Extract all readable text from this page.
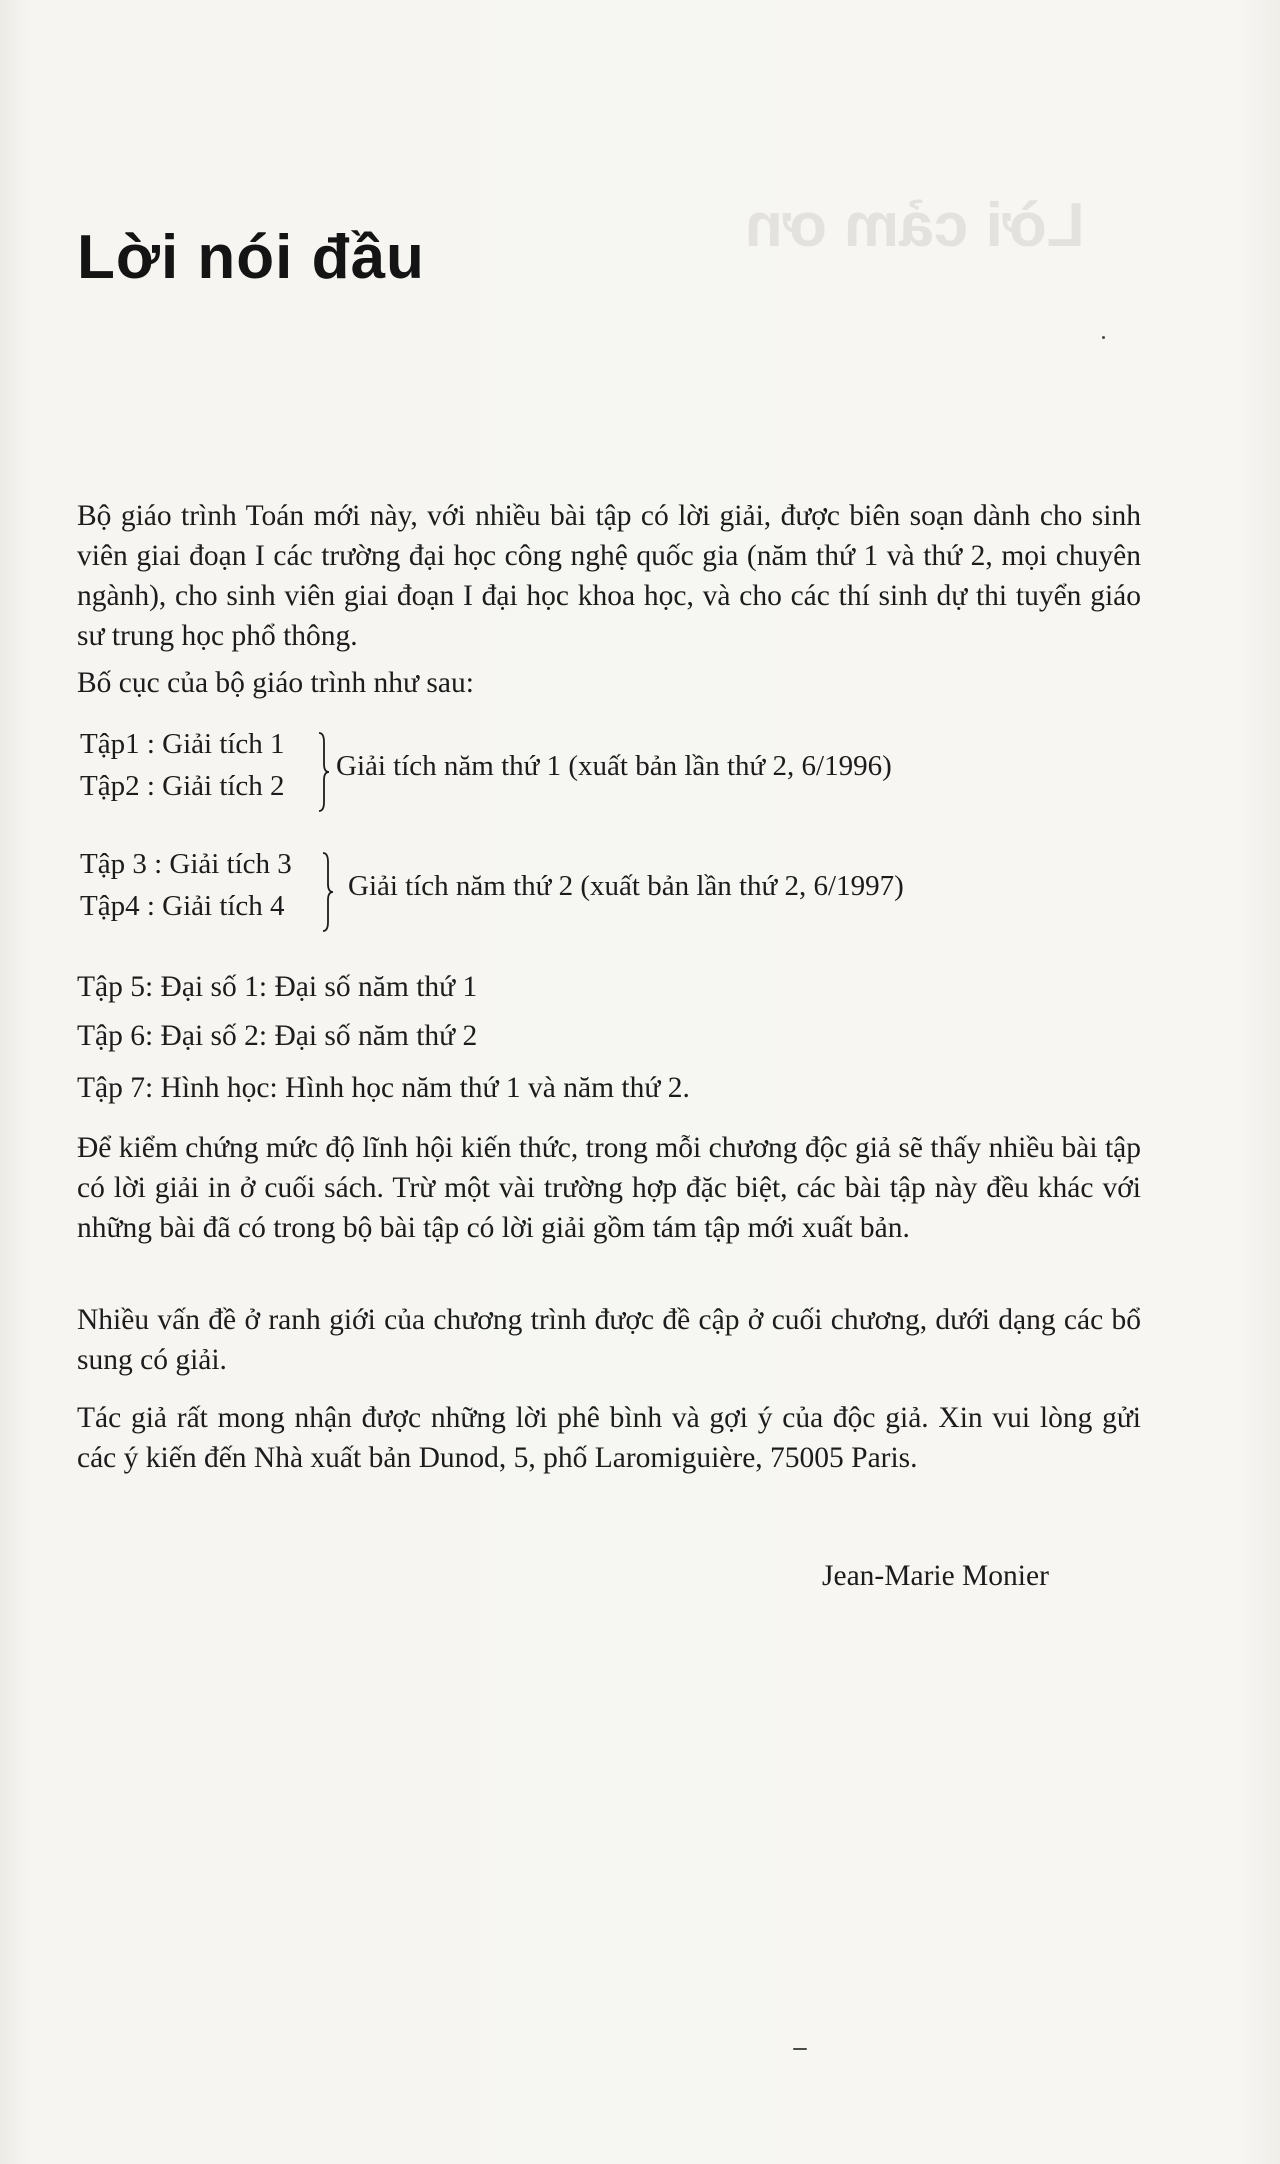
Lời cảm ơn
Lời nói đầu

Bộ giáo trình Toán mới này, với nhiều bài tập có lời giải, được biên soạn dành cho sinh viên giai đoạn I các trường đại học công nghệ quốc gia (năm thứ 1 và thứ 2, mọi chuyên ngành), cho sinh viên giai đoạn I đại học khoa học, và cho các thí sinh dự thi tuyển giáo sư trung học phổ thông.

Bố cục của bộ giáo trình như sau:

Tập1 : Giải tích 1
Tập2 : Giải tích 2
Giải tích năm thứ 1 (xuất bản lần thứ 2, 6/1996)
Tập 3 : Giải tích 3
Tập4 : Giải tích 4
Giải tích năm thứ 2 (xuất bản lần thứ 2, 6/1997)

Tập 5: Đại số 1: Đại số năm thứ 1

Tập 6: Đại số 2: Đại số năm thứ 2

Tập 7: Hình học: Hình học năm thứ 1 và năm thứ 2.

Để kiểm chứng mức độ lĩnh hội kiến thức, trong mỗi chương độc giả sẽ thấy nhiều bài tập có lời giải in ở cuối sách. Trừ một vài trường hợp đặc biệt, các bài tập này đều khác với những bài đã có trong bộ bài tập có lời giải gồm tám tập mới xuất bản.

Nhiều vấn đề ở ranh giới của chương trình được đề cập ở cuối chương, dưới dạng các bổ sung có giải.

Tác giả rất mong nhận được những lời phê bình và gợi ý của độc giả. Xin vui lòng gửi các ý kiến đến Nhà xuất bản Dunod, 5, phố Laromiguière, 75005 Paris.

Jean-Marie Monier
